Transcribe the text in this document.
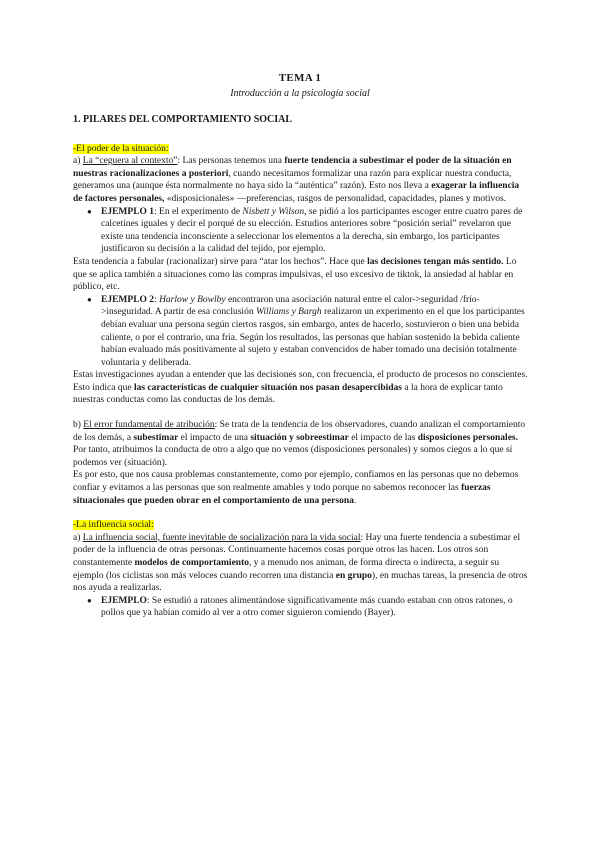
TEMA 1
Introducción a la psicología social
1. PILARES DEL COMPORTAMIENTO SOCIAL

-El poder de la situación:

a) La “ceguera al contexto”: Las personas tenemos una fuerte tendencia a subestimar el poder de la situación en nuestras racionalizaciones a posteriori, cuando necesitamos formalizar una razón para explicar nuestra conducta, generamos una (aunque ésta normalmente no haya sido la “auténtica” razón). Esto nos lleva a exagerar la influencia de factores personales, «disposicionales» —preferencias, rasgos de personalidad, capacidades, planes y motivos.

● EJEMPLO 1: En el experimento de Nisbett y Wilson, se pidió a los participantes escoger entre cuatro pares de calcetines iguales y decir el porqué de su elección. Estudios anteriores sobre “posición serial” revelaron que existe una tendencia inconsciente a seleccionar los elementos a la derecha, sin embargo, los participantes justificaron su decisión a la calidad del tejido, por ejemplo.

Esta tendencia a fabular (racionalizar) sirve para “atar los hechos”. Hace que las decisiones tengan más sentido. Lo que se aplica también a situaciones como las compras impulsivas, el uso excesivo de tiktok, la ansiedad al hablar en público, etc.

● EJEMPLO 2: Harlow y Bowlby encontraron una asociación natural entre el calor->seguridad /frío->inseguridad. A partir de esa conclusión Williams y Bargh realizaron un experimento en el que los participantes debían evaluar una persona según ciertos rasgos, sin embargo, antes de hacerlo, sostuvieron o bien una bebida caliente, o por el contrario, una fría. Según los resultados, las personas que habían sostenido la bebida caliente habían evaluado más positivamente al sujeto y estaban convencidos de haber tomado una decisión totalmente voluntaria y deliberada.

Estas investigaciones ayudan a entender que las decisiones son, con frecuencia, el producto de procesos no conscientes. Esto indica que las características de cualquier situación nos pasan desapercibidas a la hora de explicar tanto nuestras conductas como las conductas de los demás.

b) El error fundamental de atribución: Se trata de la tendencia de los observadores, cuando analizan el comportamiento de los demás, a subestimar el impacto de una situación y sobreestimar el impacto de las disposiciones personales. Por tanto, atribuimos la conducta de otro a algo que no vemos (disposiciones personales) y somos ciegos a lo que sí podemos ver (situación).

Es por esto, que nos causa problemas constantemente, como por ejemplo, confiamos en las personas que no debemos confiar y evitamos a las personas que son realmente amables y todo porque no sabemos reconocer las fuerzas situacionales que pueden obrar en el comportamiento de una persona.

-La influencia social:

a) La influencia social, fuente inevitable de socialización para la vida social: Hay una fuerte tendencia a subestimar el poder de la influencia de otras personas. Continuamente hacemos cosas porque otros las hacen. Los otros son constantemente modelos de comportamiento, y a menudo nos animan, de forma directa o indirecta, a seguir su ejemplo (los ciclistas son más veloces cuando recorren una distancia en grupo), en muchas tareas, la presencia de otros nos ayuda a realizarlas.

● EJEMPLO: Se estudió a ratones alimentándose significativamente más cuando estaban con otros ratones, o pollos que ya habían comido al ver a otro comer siguieron comiendo (Bayer).
